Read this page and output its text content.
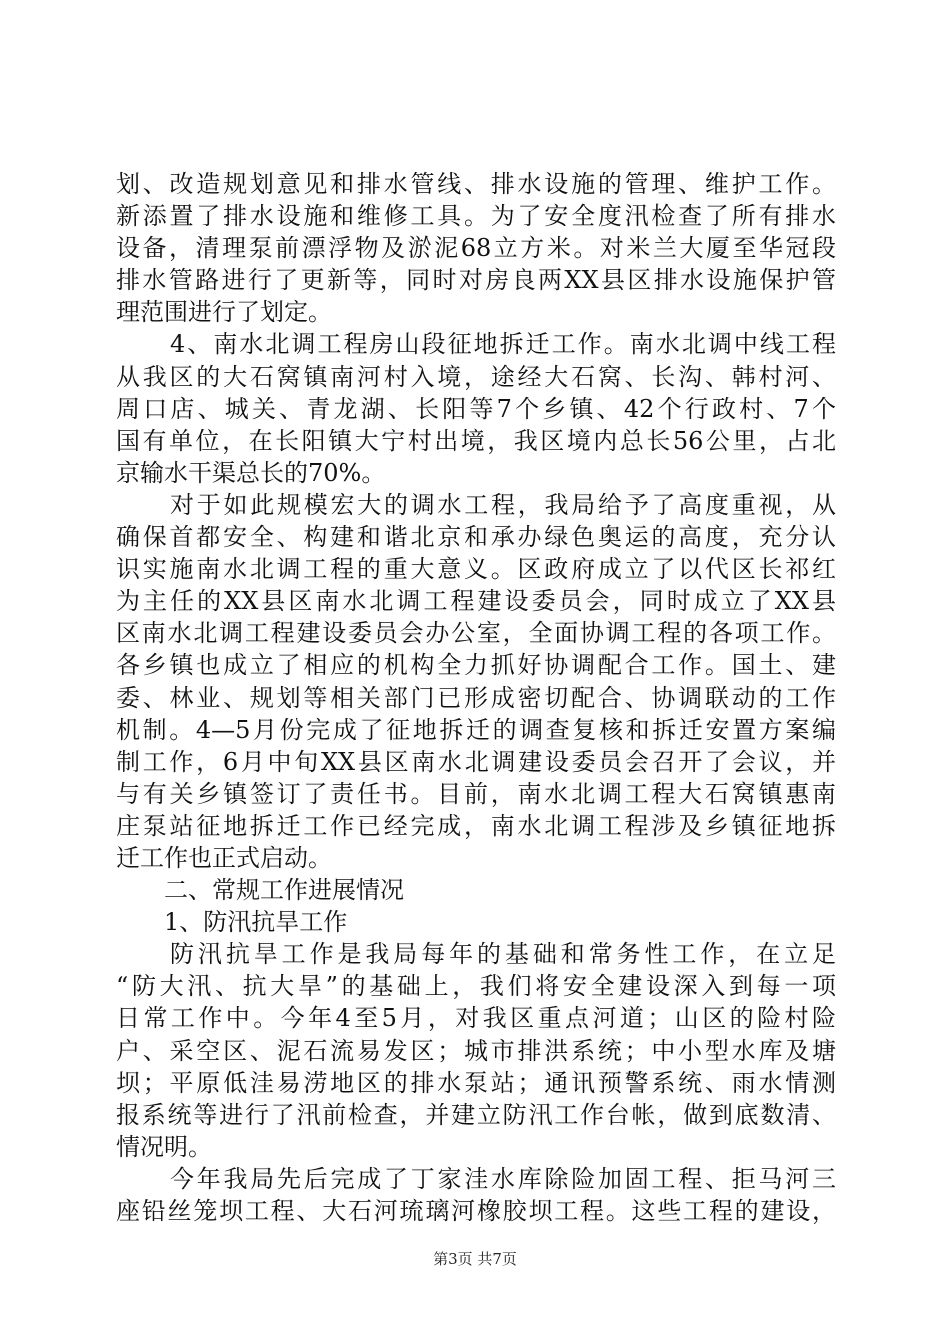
划、改造规划意见和排水管线、排水设施的管理、维护工作。
新添置了排水设施和维修工具。为了安全度汛检查了所有排水
设备，清理泵前漂浮物及淤泥68立方米。对米兰大厦至华冠段
排水管路进行了更新等，同时对房良两XX县区排水设施保护管
理范围进行了划定。
4、南水北调工程房山段征地拆迁工作。南水北调中线工程
从我区的大石窝镇南河村入境，途经大石窝、长沟、韩村河、
周口店、城关、青龙湖、长阳等7个乡镇、42个行政村、7个
国有单位，在长阳镇大宁村出境，我区境内总长56公里，占北
京输水干渠总长的70%。
对于如此规模宏大的调水工程，我局给予了高度重视，从
确保首都安全、构建和谐北京和承办绿色奥运的高度，充分认
识实施南水北调工程的重大意义。区政府成立了以代区长祁红
为主任的XX县区南水北调工程建设委员会，同时成立了XX县
区南水北调工程建设委员会办公室，全面协调工程的各项工作。
各乡镇也成立了相应的机构全力抓好协调配合工作。国土、建
委、林业、规划等相关部门已形成密切配合、协调联动的工作
机制。4—5月份完成了征地拆迁的调查复核和拆迁安置方案编
制工作，6月中旬XX县区南水北调建设委员会召开了会议，并
与有关乡镇签订了责任书。目前，南水北调工程大石窝镇惠南
庄泵站征地拆迁工作已经完成，南水北调工程涉及乡镇征地拆
迁工作也正式启动。
二、常规工作进展情况
1、防汛抗旱工作
防汛抗旱工作是我局每年的基础和常务性工作，在立足
“防大汛、抗大旱”的基础上，我们将安全建设深入到每一项
日常工作中。今年4至5月，对我区重点河道；山区的险村险
户、采空区、泥石流易发区；城市排洪系统；中小型水库及塘
坝；平原低洼易涝地区的排水泵站；通讯预警系统、雨水情测
报系统等进行了汛前检查，并建立防汛工作台帐，做到底数清、
情况明。
今年我局先后完成了丁家洼水库除险加固工程、拒马河三
座铅丝笼坝工程、大石河琉璃河橡胶坝工程。这些工程的建设，
第3页 共7页
